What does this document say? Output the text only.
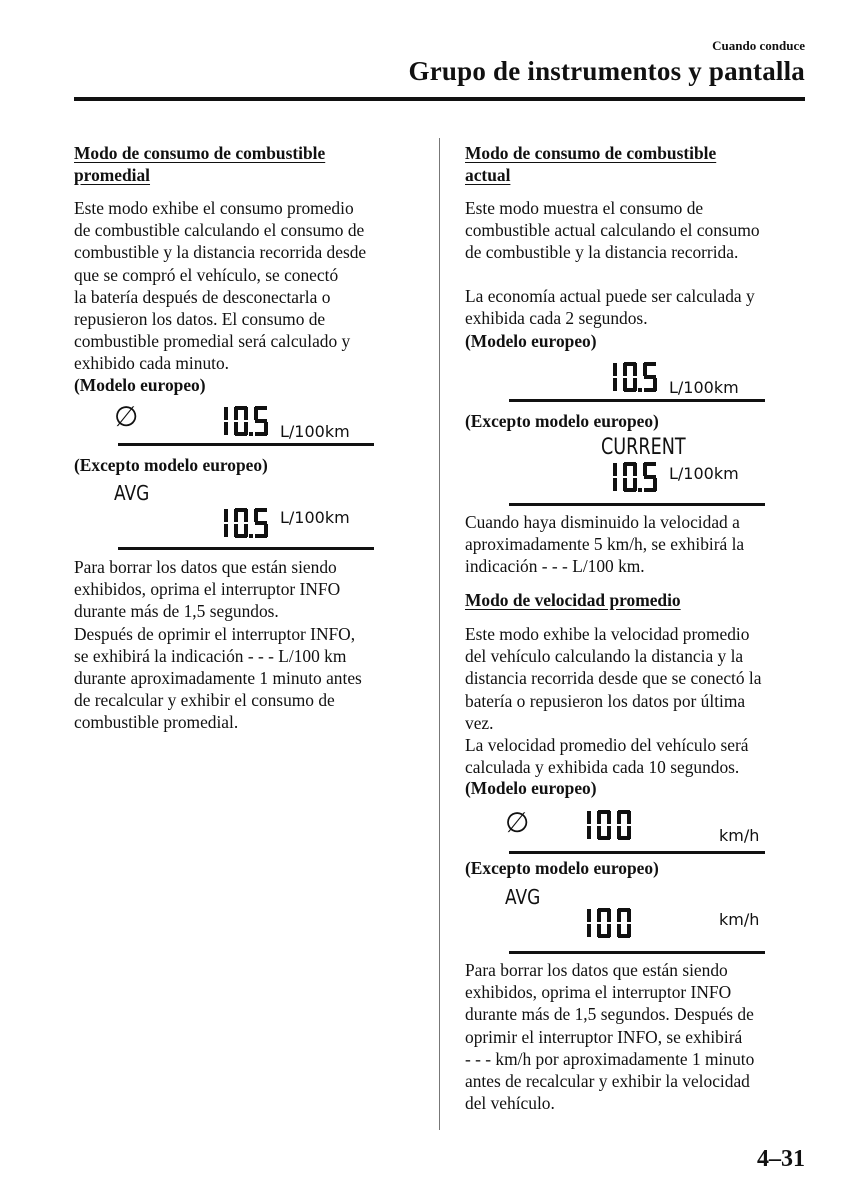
Cuando conduce
Grupo de instrumentos y pantalla
Modo de consumo de combustible
promedial

Este modo exhibe el consumo promedio

de combustible calculando el consumo de

combustible y la distancia recorrida desde

que se compró el vehículo, se conectó

la batería después de desconectarla o

repusieron los datos. El consumo de

combustible promedial será calculado y

exhibido cada minuto.

(Modelo europeo)
∅	L/100km
(Excepto modelo europeo)
AVG
L/100km

Para borrar los datos que están siendo

exhibidos, oprima el interruptor INFO

durante más de 1,5 segundos.

Después de oprimir el interruptor INFO,

se exhibirá la indicación - - - L/100 km

durante aproximadamente 1 minuto antes

de recalcular y exhibir el consumo de

combustible promedial.

Modo de consumo de combustible
actual

Este modo muestra el consumo de

combustible actual calculando el consumo

de combustible y la distancia recorrida.

La economía actual puede ser calculada y

exhibida cada 2 segundos.

(Modelo europeo)
L/100km
(Excepto modelo europeo)
CURRENT
L/100km

Cuando haya disminuido la velocidad a

aproximadamente 5 km/h, se exhibirá la

indicación - - - L/100 km.

Modo de velocidad promedio

Este modo exhibe la velocidad promedio

del vehículo calculando la distancia y la

distancia recorrida desde que se conectó la

batería o repusieron los datos por última

vez.

La velocidad promedio del vehículo será

calculada y exhibida cada 10 segundos.

(Modelo europeo)
∅	km/h
(Excepto modelo europeo)
AVG
km/h

Para borrar los datos que están siendo

exhibidos, oprima el interruptor INFO

durante más de 1,5 segundos. Después de

oprimir el interruptor INFO, se exhibirá

- - - km/h por aproximadamente 1 minuto

antes de recalcular y exhibir la velocidad

del vehículo.

4–31
